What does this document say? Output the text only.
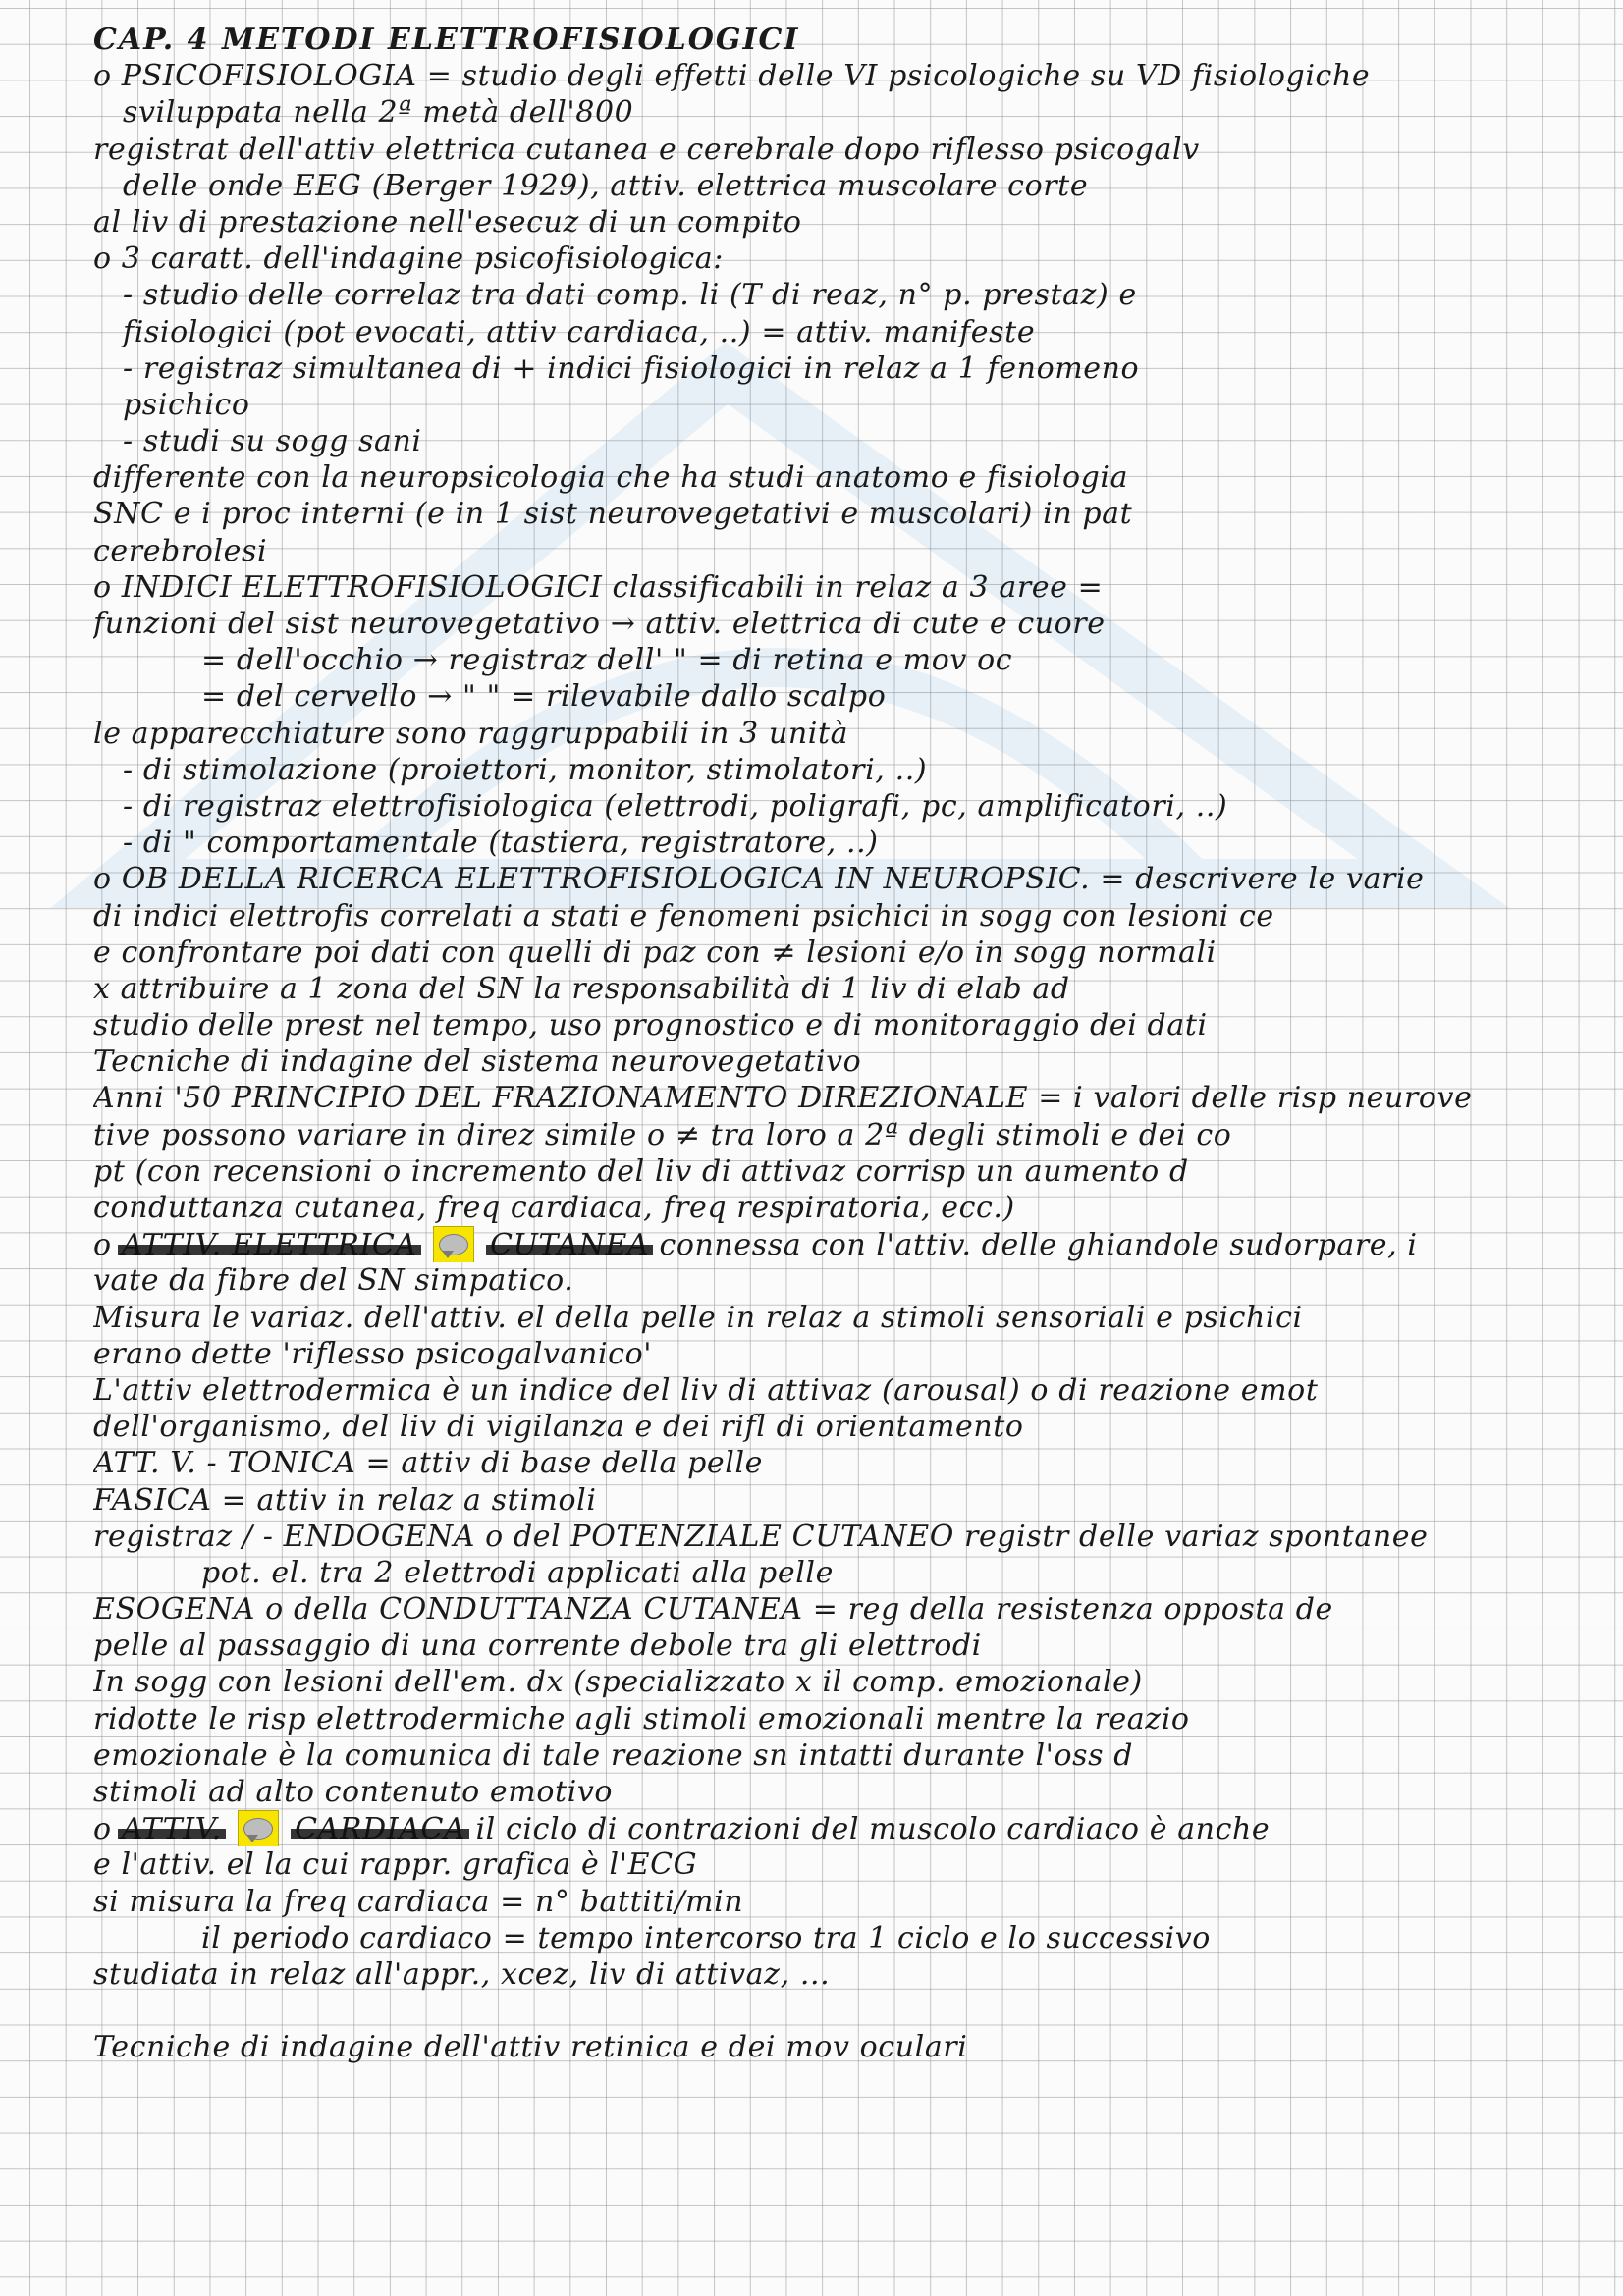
CAP. 4 METODI ELETTROFISIOLOGICI
o PSICOFISIOLOGIA = studio degli effetti delle VI psicologiche su VD fisiologiche
sviluppata nella 2ª metà dell'800
registrat dell'attiv elettrica cutanea e cerebrale dopo riflesso psicogalv
delle onde EEG (Berger 1929), attiv. elettrica muscolare corte
al liv di prestazione nell'esecuz di un compito
o 3 caratt. dell'indagine psicofisiologica:
- studio delle correlaz tra dati comp. li (T di reaz, n° p. prestaz) e
fisiologici (pot evocati, attiv cardiaca, ..) = attiv. manifeste
- registraz simultanea di + indici fisiologici in relaz a 1 fenomeno
psichico
- studi su sogg sani
differente con la neuropsicologia che ha studi anatomo e fisiologia
SNC e i proc interni (e in 1 sist neurovegetativi e muscolari) in pat
cerebrolesi
o INDICI ELETTROFISIOLOGICI classificabili in relaz a 3 aree =
funzioni del sist neurovegetativo → attiv. elettrica di cute e cuore
= dell'occhio → registraz dell' " = di retina e mov oc
= del cervello → " " = rilevabile dallo scalpo
le apparecchiature sono raggruppabili in 3 unità
- di stimolazione (proiettori, monitor, stimolatori, ..)
- di registraz elettrofisiologica (elettrodi, poligrafi, pc, amplificatori, ..)
- di " comportamentale (tastiera, registratore, ..)
o OB DELLA RICERCA ELETTROFISIOLOGICA IN NEUROPSIC. = descrivere le varie
di indici elettrofis correlati a stati e fenomeni psichici in sogg con lesioni ce
e confrontare poi dati con quelli di paz con ≠ lesioni e/o in sogg normali
x attribuire a 1 zona del SN la responsabilità di 1 liv di elab ad
studio delle prest nel tempo, uso prognostico e di monitoraggio dei dati
Tecniche di indagine del sistema neurovegetativo
Anni '50 PRINCIPIO DEL FRAZIONAMENTO DIREZIONALE = i valori delle risp neurove
tive possono variare in direz simile o ≠ tra loro a 2ª degli stimoli e dei co
pt (con recensioni o incremento del liv di attivaz corrisp un aumento d
conduttanza cutanea, freq cardiaca, freq respiratoria, ecc.)
o
	connessa con l'attiv. delle ghiandole sudorpare, i
vate da fibre del SN simpatico.
Misura le variaz. dell'attiv. el della pelle in relaz a stimoli sensoriali e psichici
erano dette 'riflesso psicogalvanico'
L'attiv elettrodermica è un indice del liv di attivaz (arousal) o di reazione emot
dell'organismo, del liv di vigilanza e dei rifl di orientamento
ATT. V. - TONICA = attiv di base della pelle
FASICA = attiv in relaz a stimoli
registraz / - ENDOGENA o del POTENZIALE CUTANEO registr delle variaz spontanee
pot. el. tra 2 elettrodi applicati alla pelle
ESOGENA o della CONDUTTANZA CUTANEA = reg della resistenza opposta de
pelle al passaggio di una corrente debole tra gli elettrodi
In sogg con lesioni dell'em. dx (specializzato x il comp. emozionale)
ridotte le risp elettrodermiche agli stimoli emozionali mentre la reazio
emozionale è la comunica di tale reazione sn intatti durante l'oss d
stimoli ad alto contenuto emotivo
o
	il ciclo di contrazioni del muscolo cardiaco è anche
e l'attiv. el la cui rappr. grafica è l'ECG
si misura la freq cardiaca = n° battiti/min
il periodo cardiaco = tempo intercorso tra 1 ciclo e lo successivo
studiata in relaz all'appr., xcez, liv di attivaz, ...
Tecniche di indagine dell'attiv retinica e dei mov oculari
